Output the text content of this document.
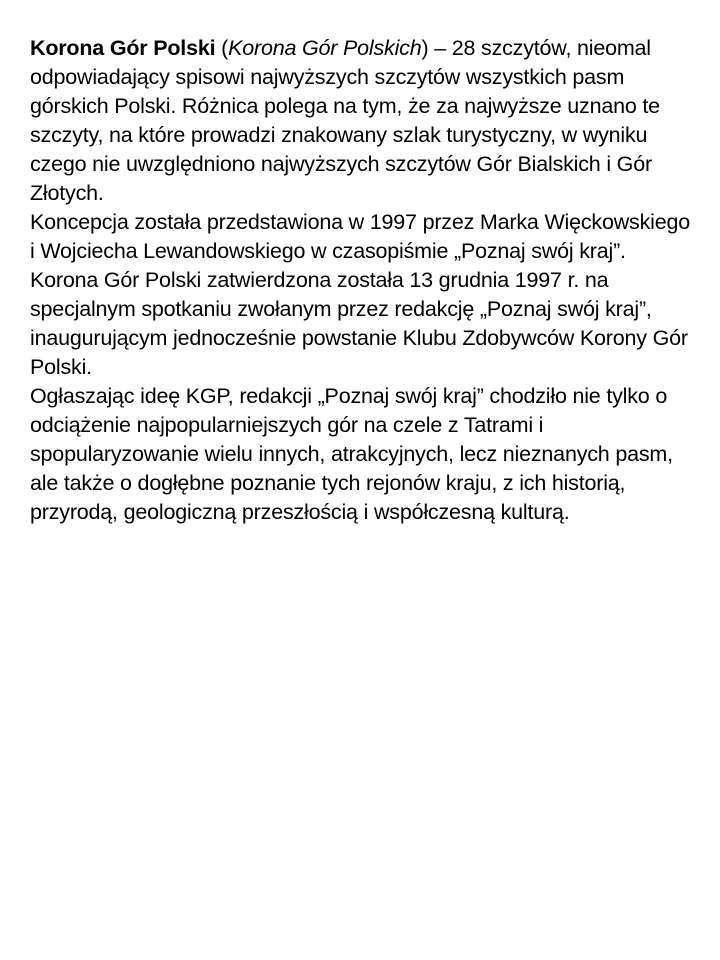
Korona Gór Polski (Korona Gór Polskich) – 28 szczytów, nieomal odpowiadający spisowi najwyższych szczytów wszystkich pasm górskich Polski. Różnica polega na tym, że za najwyższe uznano te szczyty, na które prowadzi znakowany szlak turystyczny, w wyniku czego nie uwzględniono najwyższych szczytów Gór Bialskich i Gór Złotych.

Koncepcja została przedstawiona w 1997 przez Marka Więckowskiego i Wojciecha Lewandowskiego w czasopiśmie „Poznaj swój kraj”.

Korona Gór Polski zatwierdzona została 13 grudnia 1997 r. na specjalnym spotkaniu zwołanym przez redakcję „Poznaj swój kraj”, inaugurującym jednocześnie powstanie Klubu Zdobywców Korony Gór Polski.

Ogłaszając ideę KGP, redakcji „Poznaj swój kraj” chodziło nie tylko o odciążenie najpopularniejszych gór na czele z Tatrami i spopularyzowanie wielu innych, atrakcyjnych, lecz nieznanych pasm, ale także o dogłębne poznanie tych rejonów kraju, z ich historią, przyrodą, geologiczną przeszłością i współczesną kulturą.
